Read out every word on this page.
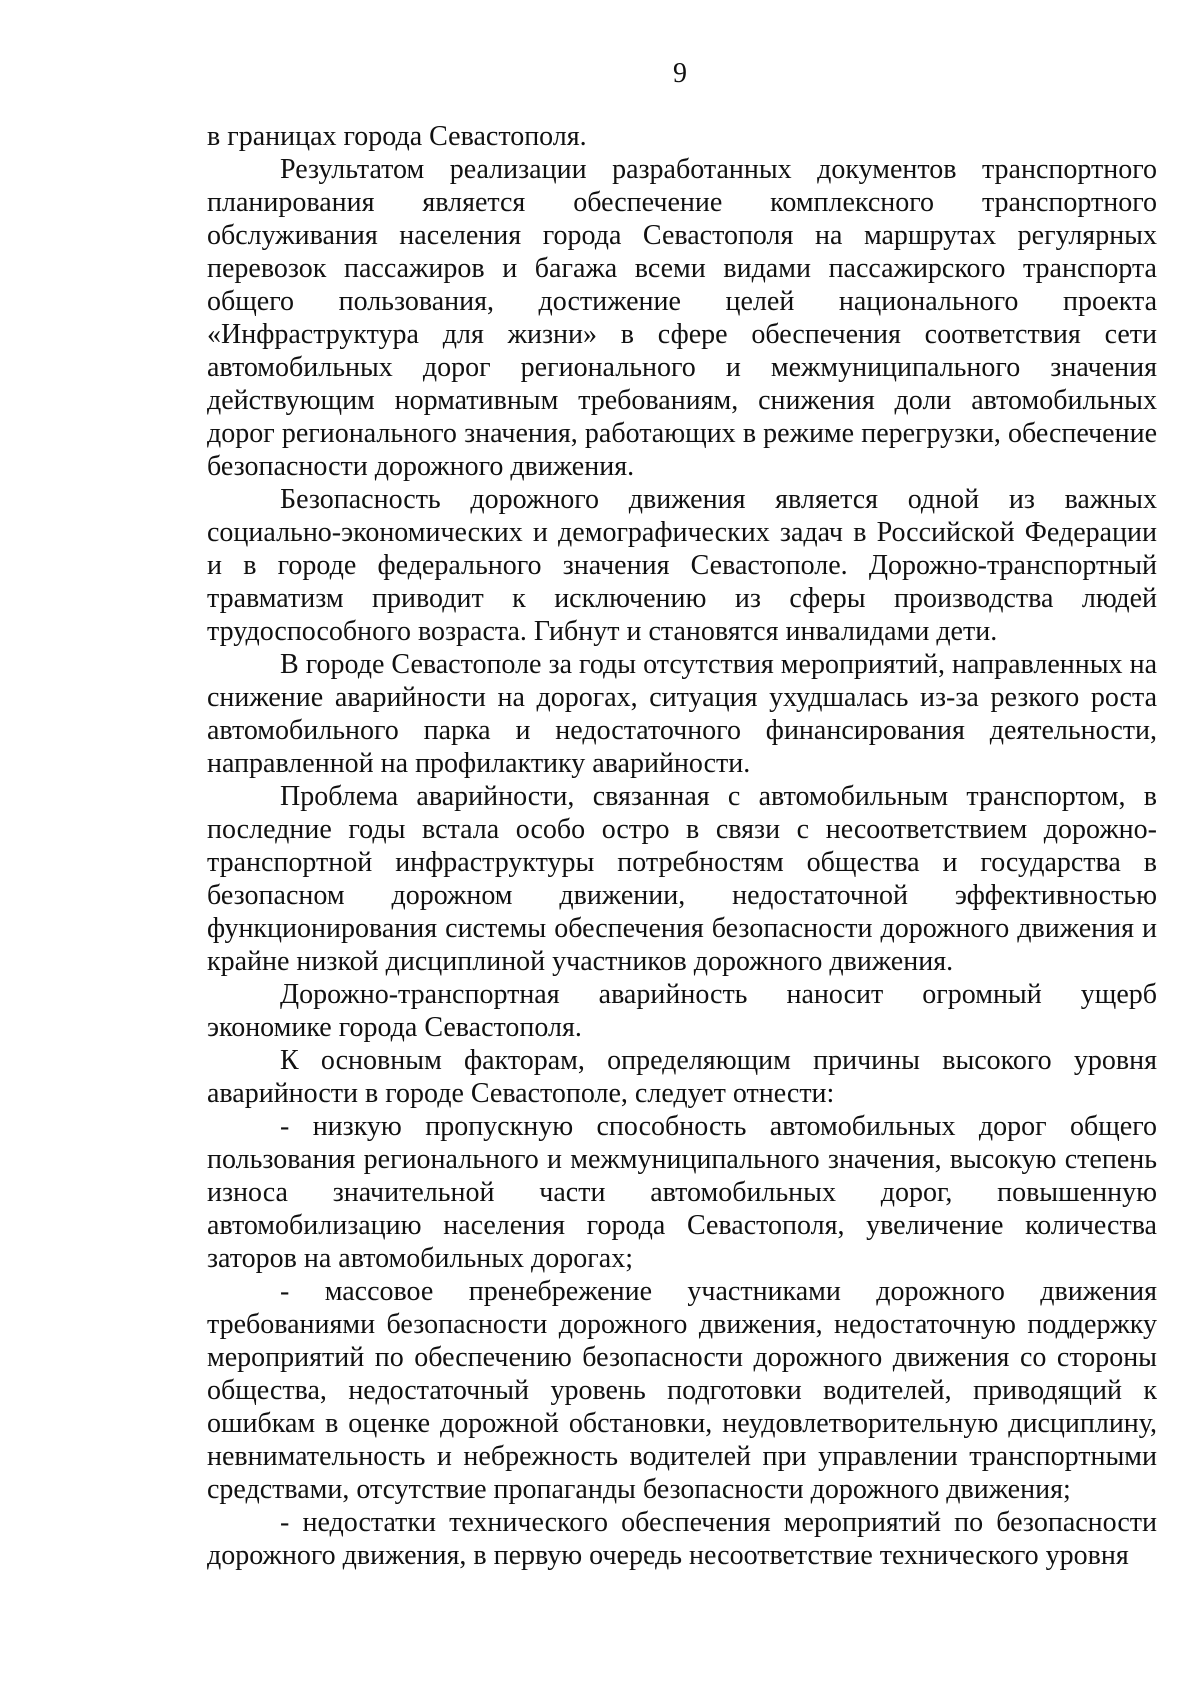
9

в границах города Севастополя.

Результатом реализации разработанных документов транспортного планирования является обеспечение комплексного транспортного обслуживания населения города Севастополя на маршрутах регулярных перевозок пассажиров и багажа всеми видами пассажирского транспорта общего пользования, достижение целей национального проекта «Инфраструктура для жизни» в сфере обеспечения соответствия сети автомобильных дорог регионального и межмуниципального значения действующим нормативным требованиям, снижения доли автомобильных дорог регионального значения, работающих в режиме перегрузки, обеспечение безопасности дорожного движения.

Безопасность дорожного движения является одной из важных социально-экономических и демографических задач в Российской Федерации и в городе федерального значения Севастополе. Дорожно-транспортный травматизм приводит к исключению из сферы производства людей трудоспособного возраста. Гибнут и становятся инвалидами дети.

В городе Севастополе за годы отсутствия мероприятий, направленных на снижение аварийности на дорогах, ситуация ухудшалась из-за резкого роста автомобильного парка и недостаточного финансирования деятельности, направленной на профилактику аварийности.

Проблема аварийности, связанная с автомобильным транспортом, в последние годы встала особо остро в связи с несоответствием дорожно-транспортной инфраструктуры потребностям общества и государства в безопасном дорожном движении, недостаточной эффективностью функционирования системы обеспечения безопасности дорожного движения и крайне низкой дисциплиной участников дорожного движения.

Дорожно-транспортная аварийность наносит огромный ущерб экономике города Севастополя.

К основным факторам, определяющим причины высокого уровня аварийности в городе Севастополе, следует отнести:

- низкую пропускную способность автомобильных дорог общего пользования регионального и межмуниципального значения, высокую степень износа значительной части автомобильных дорог, повышенную автомобилизацию населения города Севастополя, увеличение количества заторов на автомобильных дорогах;

- массовое пренебрежение участниками дорожного движения требованиями безопасности дорожного движения, недостаточную поддержку мероприятий по обеспечению безопасности дорожного движения со стороны общества, недостаточный уровень подготовки водителей, приводящий к ошибкам в оценке дорожной обстановки, неудовлетворительную дисциплину, невнимательность и небрежность водителей при управлении транспортными средствами, отсутствие пропаганды безопасности дорожного движения;

- недостатки технического обеспечения мероприятий по безопасности дорожного движения, в первую очередь несоответствие технического уровня
